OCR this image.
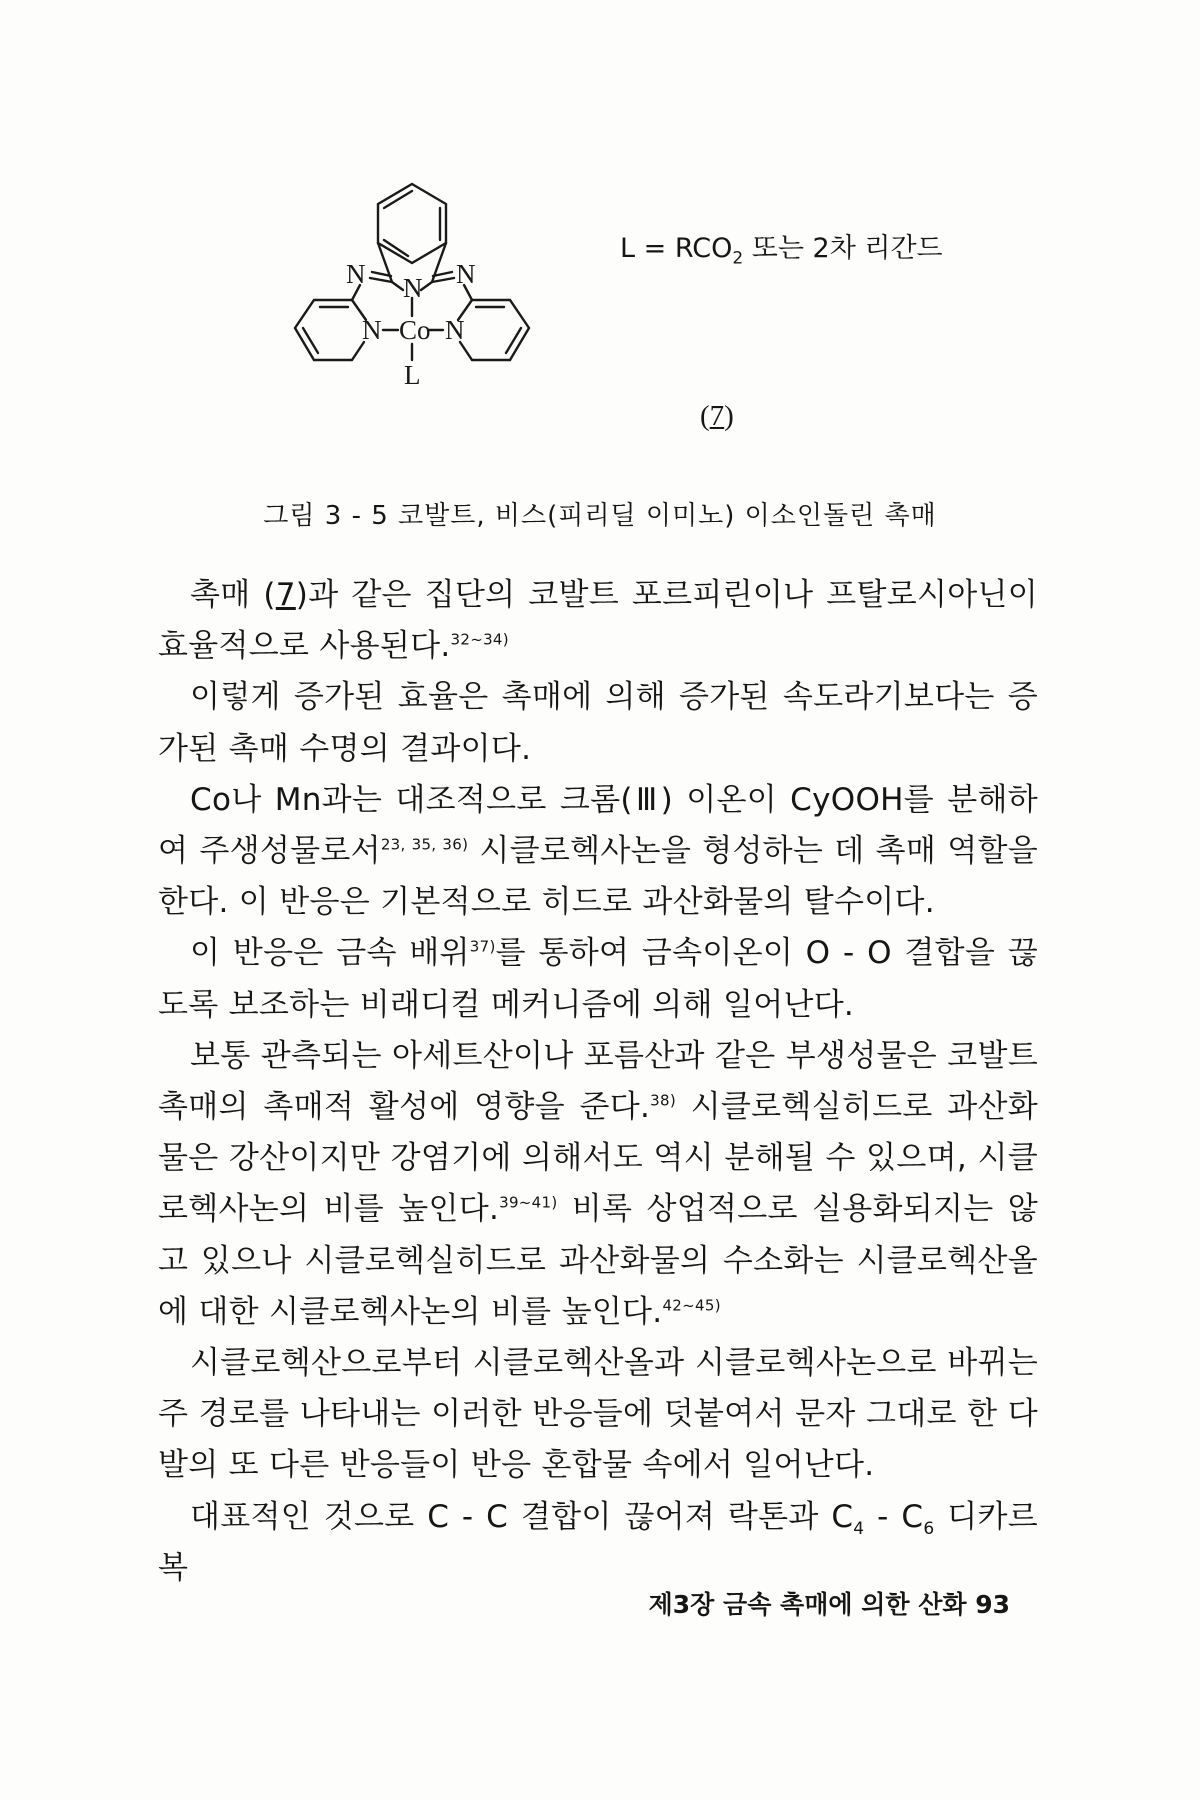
N N N
N Co N
L
$L = RCO_2$ 또는 2차 리간드
(7)
그림 3 - 5 코발트, 비스(피리딜 이미노) 이소인돌린 촉매

촉매 (7)과 같은 집단의 코발트 포르피린이나 프탈로시아닌이 효율적으로 사용된다.$^{32\sim 34)}$

이렇게 증가된 효율은 촉매에 의해 증가된 속도라기보다는 증가된 촉매 수명의 결과이다.

Co나 Mn과는 대조적으로 크롬(Ⅲ) 이온이 CyOOH를 분해하여 주생성물로서$^{23, 35, 36)}$ 시클로헥사논을 형성하는 데 촉매 역할을 한다. 이 반응은 기본적으로 히드로 과산화물의 탈수이다.

이 반응은 금속 배위$^{37)}$를 통하여 금속이온이 O - O 결합을 끊도록 보조하는 비래디컬 메커니즘에 의해 일어난다.

보통 관측되는 아세트산이나 포름산과 같은 부생성물은 코발트 촉매의 촉매적 활성에 영향을 준다.$^{38)}$ 시클로헥실히드로 과산화물은 강산이지만 강염기에 의해서도 역시 분해될 수 있으며, 시클로헥사논의 비를 높인다.$^{39\sim 41)}$ 비록 상업적으로 실용화되지는 않고 있으나 시클로헥실히드로 과산화물의 수소화는 시클로헥산올에 대한 시클로헥사논의 비를 높인다.$^{42\sim 45)}$

시클로헥산으로부터 시클로헥산올과 시클로헥사논으로 바뀌는 주 경로를 나타내는 이러한 반응들에 덧붙여서 문자 그대로 한 다발의 또 다른 반응들이 반응 혼합물 속에서 일어난다.

대표적인 것으로 C - C 결합이 끊어져 락톤과 $C_4 - C_6$ 디카르복

제3장 금속 촉매에 의한 산화 93
